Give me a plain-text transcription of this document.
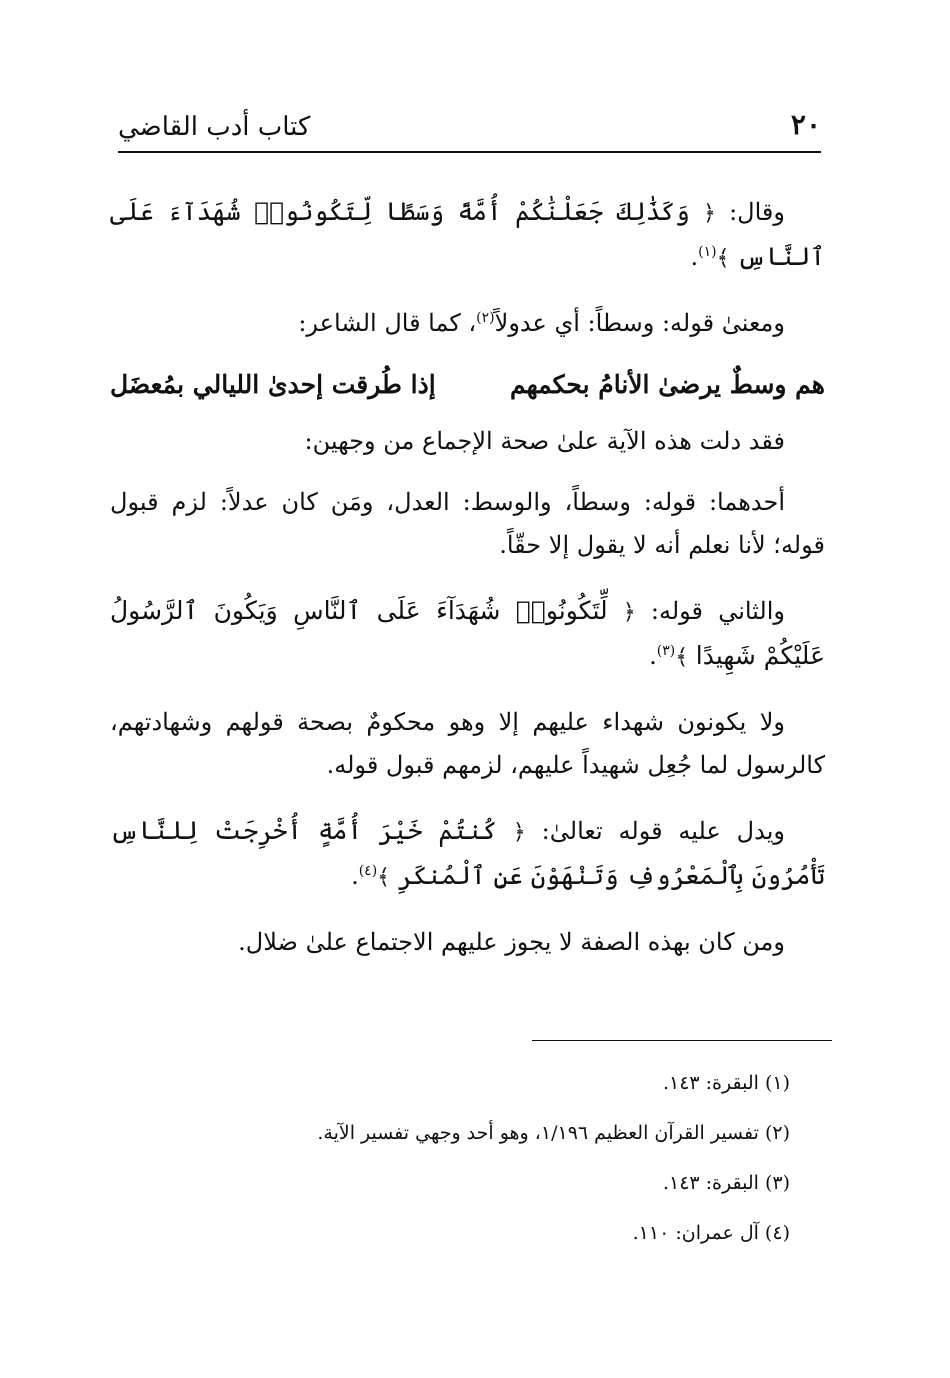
٢٠
كتاب أدب القاضي

وقال: ﴿ وَكَذَٰلِكَ جَعَلْنَٰكُمْ أُمَّةً وَسَطًا لِّتَكُونُوا۟ شُهَدَآءَ عَلَى ٱلنَّاسِ ﴾$^{(١)}$.

ومعنىٰ قوله: وسطاً: أي عدولاً$^{(٢)}$، كما قال الشاعر:

هم وسطٌ يرضىٰ الأنامُ بحكمهم
إذا طُرقت إحدىٰ الليالي بمُعضَل

فقد دلت هذه الآية علىٰ صحة الإجماع من وجهين:

أحدهما: قوله: وسطاً، والوسط: العدل، ومَن كان عدلاً: لزم قبول قوله؛ لأنا نعلم أنه لا يقول إلا حقّاً.

والثاني قوله: ﴿ لِّتَكُونُوا۟ شُهَدَآءَ عَلَى ٱلنَّاسِ وَيَكُونَ ٱلرَّسُولُ عَلَيْكُمْ شَهِيدًا ﴾$^{(٣)}$.

ولا يكونون شهداء عليهم إلا وهو محكومٌ بصحة قولهم وشهادتهم، كالرسول لما جُعِل شهيداً عليهم، لزمهم قبول قوله.

ويدل عليه قوله تعالىٰ: ﴿ كُنتُمْ خَيْرَ أُمَّةٍ أُخْرِجَتْ لِلنَّاسِ تَأْمُرُونَ بِٱلْمَعْرُوفِ وَتَنْهَوْنَ عَنِ ٱلْمُنكَرِ ﴾$^{(٤)}$.

ومن كان بهذه الصفة لا يجوز عليهم الاجتماع علىٰ ضلال.

(١) البقرة: ١٤٣.

(٢) تفسير القرآن العظيم ١/١٩٦، وهو أحد وجهي تفسير الآية.

(٣) البقرة: ١٤٣.

(٤) آل عمران: ١١٠.
